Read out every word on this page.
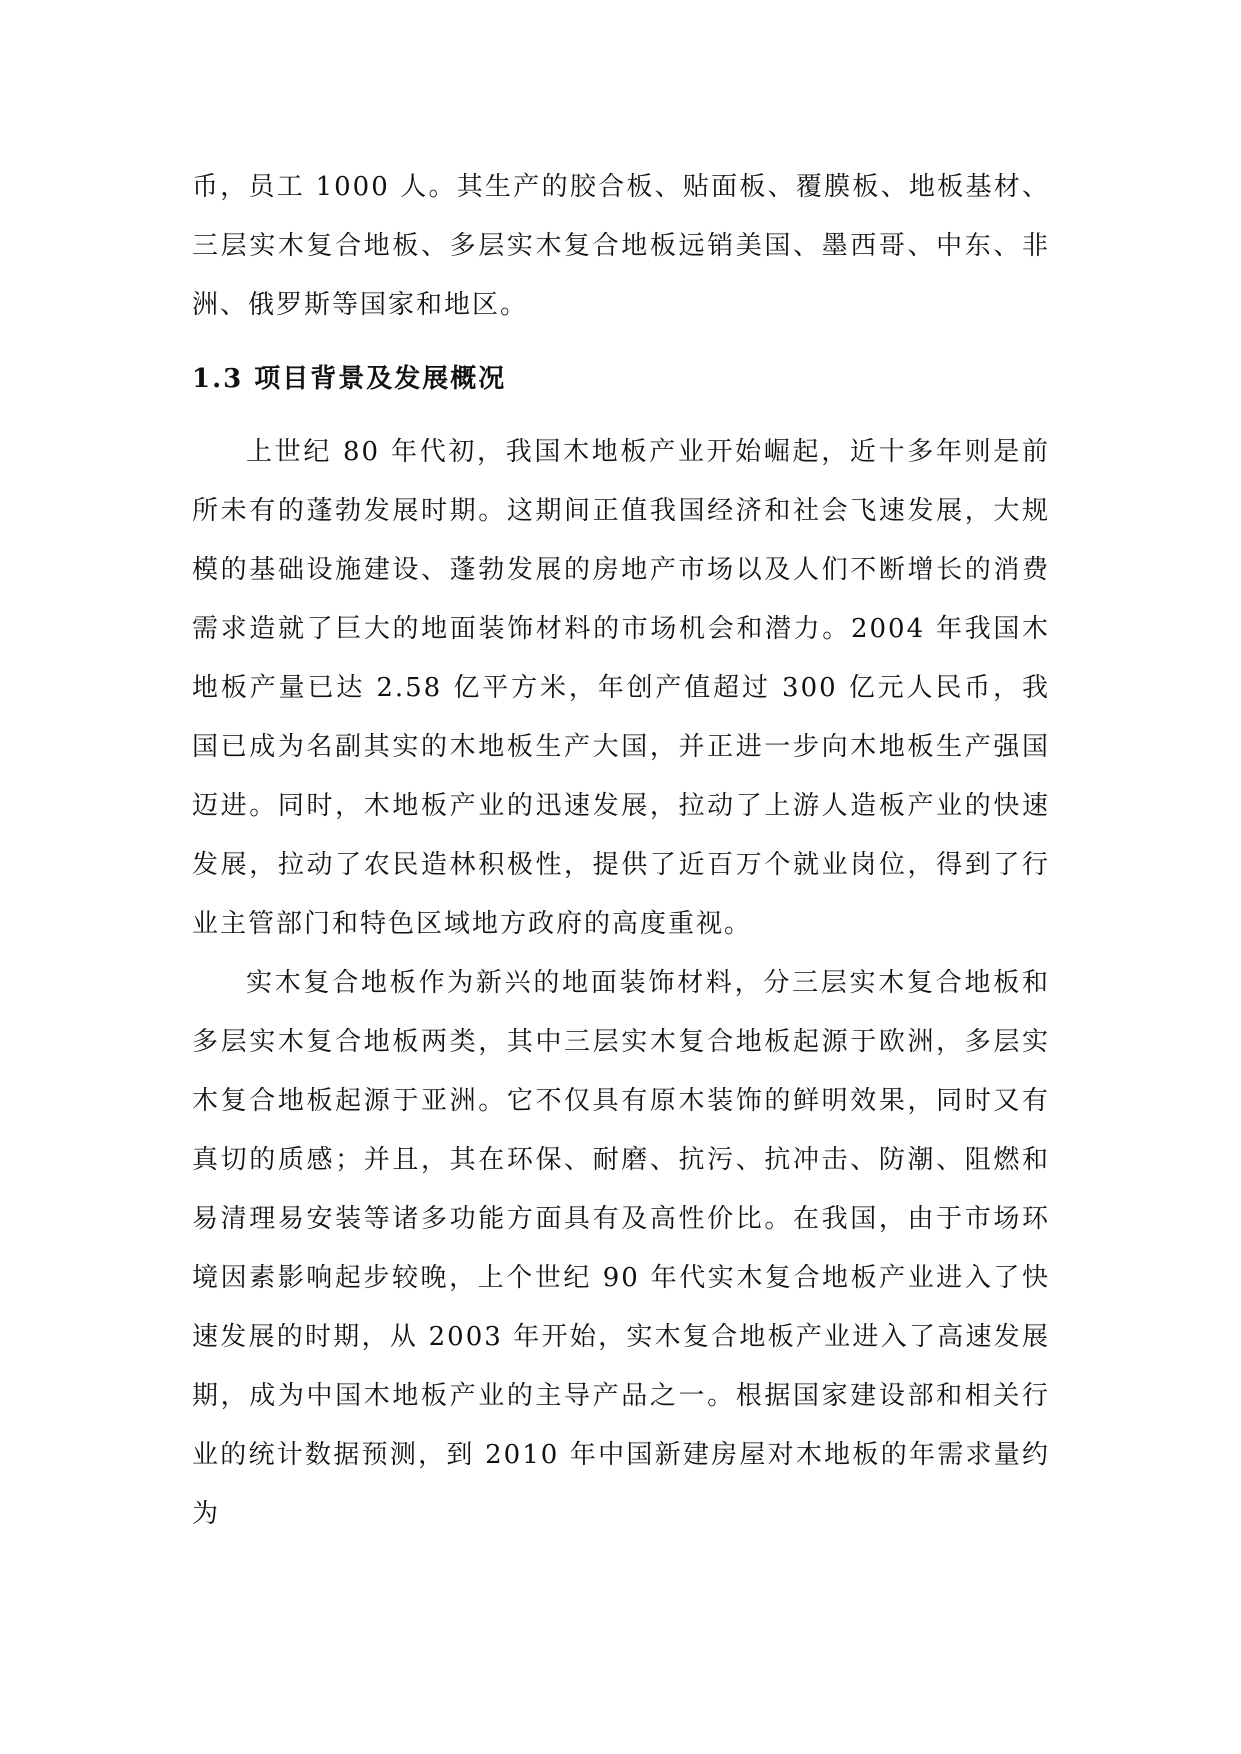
币，员工 1000 人。其生产的胶合板、贴面板、覆膜板、地板基材、三层实木复合地板、多层实木复合地板远销美国、墨西哥、中东、非洲、俄罗斯等国家和地区。

1.3 项目背景及发展概况

上世纪 80 年代初，我国木地板产业开始崛起，近十多年则是前所未有的蓬勃发展时期。这期间正值我国经济和社会飞速发展，大规模的基础设施建设、蓬勃发展的房地产市场以及人们不断增长的消费需求造就了巨大的地面装饰材料的市场机会和潜力。2004 年我国木地板产量已达 2.58 亿平方米，年创产值超过 300 亿元人民币，我国已成为名副其实的木地板生产大国，并正进一步向木地板生产强国迈进。同时，木地板产业的迅速发展，拉动了上游人造板产业的快速发展，拉动了农民造林积极性，提供了近百万个就业岗位，得到了行业主管部门和特色区域地方政府的高度重视。

实木复合地板作为新兴的地面装饰材料，分三层实木复合地板和多层实木复合地板两类，其中三层实木复合地板起源于欧洲，多层实木复合地板起源于亚洲。它不仅具有原木装饰的鲜明效果，同时又有真切的质感；并且，其在环保、耐磨、抗污、抗冲击、防潮、阻燃和易清理易安装等诸多功能方面具有及高性价比。在我国，由于市场环境因素影响起步较晚，上个世纪 90 年代实木复合地板产业进入了快速发展的时期，从 2003 年开始，实木复合地板产业进入了高速发展期，成为中国木地板产业的主导产品之一。根据国家建设部和相关行业的统计数据预测，到 2010 年中国新建房屋对木地板的年需求量约为
